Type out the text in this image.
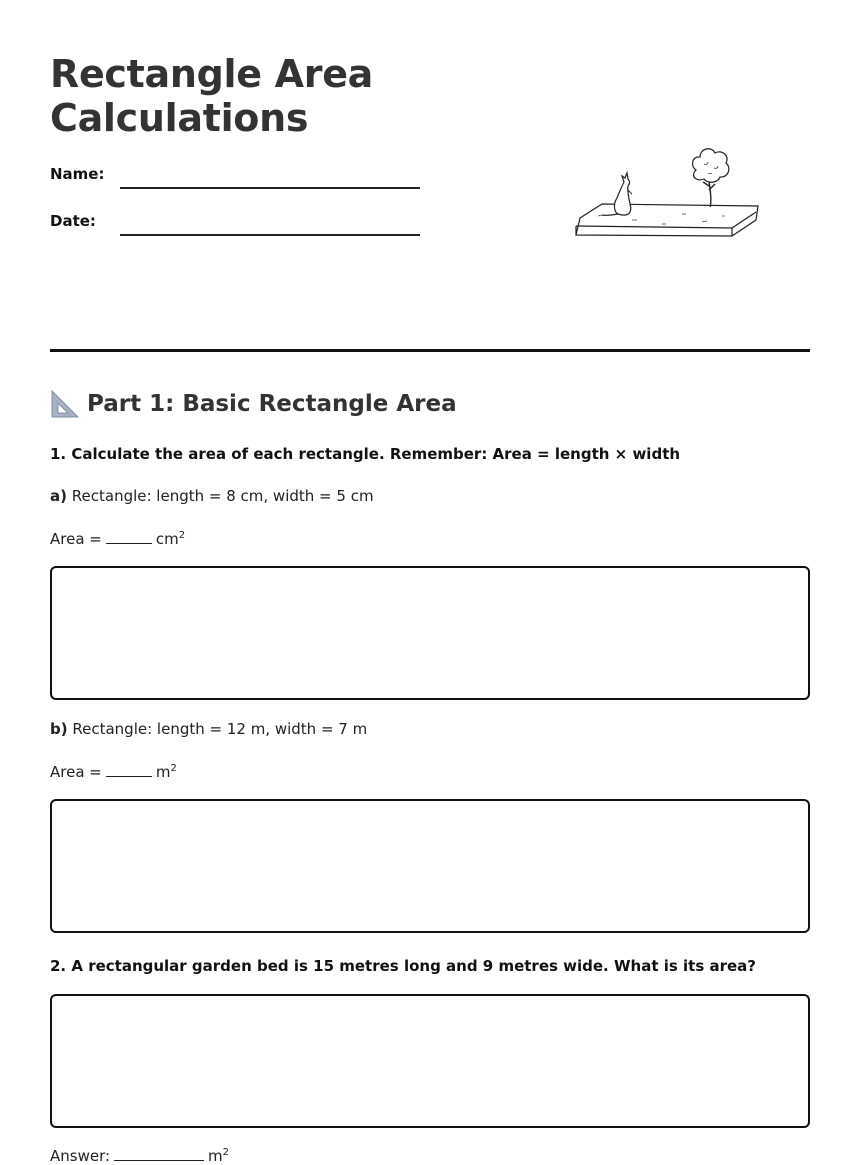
Rectangle Area
Calculations
Name:
Date:
Part 1: Basic Rectangle Area
1. Calculate the area of each rectangle. Remember: Area = length × width
a) Rectangle: length = 8 cm, width = 5 cm
Area =	$cm^2$
b) Rectangle: length = 12 m, width = 7 m
Area =	$m^2$
2. A rectangular garden bed is 15 metres long and 9 metres wide. What is its area?
Answer:	$m^2$
